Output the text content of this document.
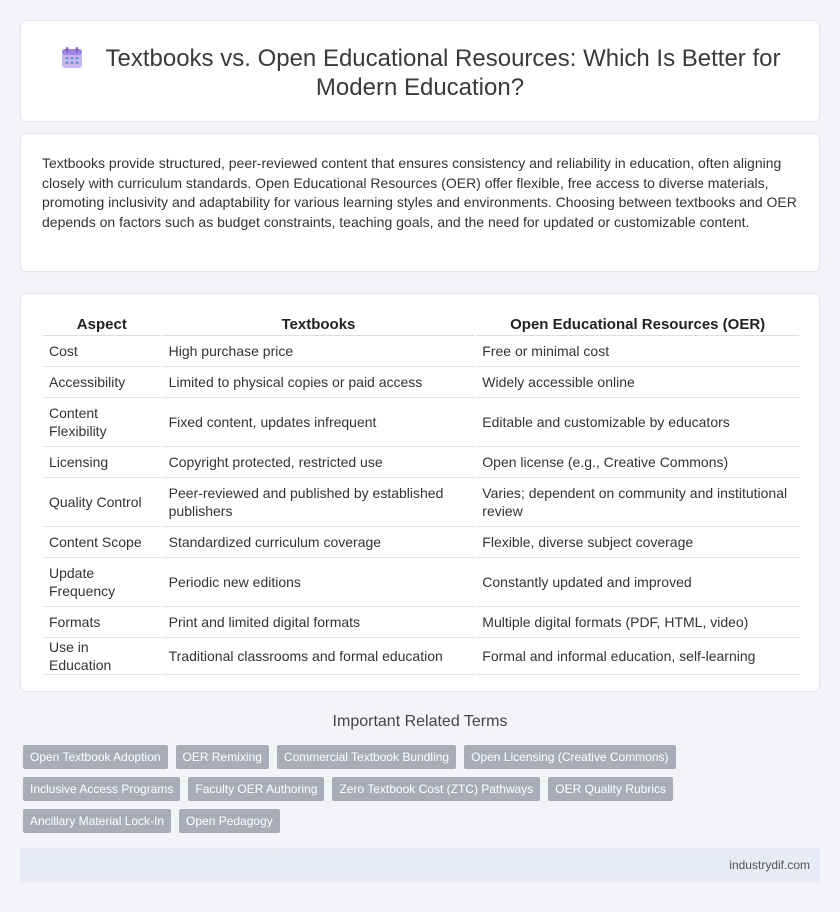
Textbooks vs. Open Educational Resources: Which Is Better for Modern Education?

Textbooks provide structured, peer-reviewed content that ensures consistency and reliability in education, often aligning closely with curriculum standards. Open Educational Resources (OER) offer flexible, free access to diverse materials, promoting inclusivity and adaptability for various learning styles and environments. Choosing between textbooks and OER depends on factors such as budget constraints, teaching goals, and the need for updated or customizable content.

Aspect	Textbooks	Open Educational Resources (OER)
Cost	High purchase price	Free or minimal cost
Accessibility	Limited to physical copies or paid access	Widely accessible online
Content Flexibility	Fixed content, updates infrequent	Editable and customizable by educators
Licensing	Copyright protected, restricted use	Open license (e.g., Creative Commons)
Quality Control	Peer-reviewed and published by established publishers	Varies; dependent on community and institutional review
Content Scope	Standardized curriculum coverage	Flexible, diverse subject coverage
Update Frequency	Periodic new editions	Constantly updated and improved
Formats	Print and limited digital formats	Multiple digital formats (PDF, HTML, video)
Use in Education	Traditional classrooms and formal education	Formal and informal education, self-learning
Important Related Terms
Open Textbook Adoption	OER Remixing	Commercial Textbook Bundling	Open Licensing (Creative Commons)
Inclusive Access Programs	Faculty OER Authoring	Zero Textbook Cost (ZTC) Pathways	OER Quality Rubrics
Ancillary Material Lock-In	Open Pedagogy
industrydif.com
